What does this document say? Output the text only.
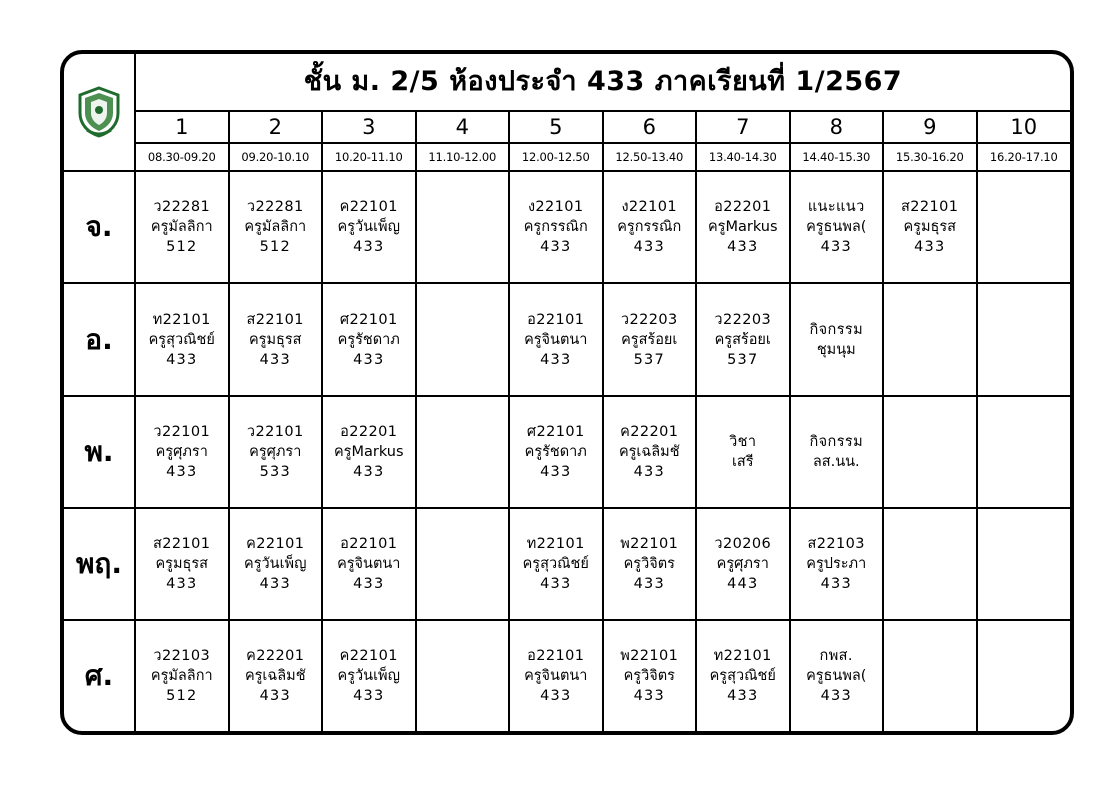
	ชั้น ม. 2/5 ห้องประจำ 433 ภาคเรียนที่ 1/2567									
	1	2	3	4	5	6	7	8	9	10
	08.30-09.20	09.20-10.10	10.20-11.10	11.10-12.00	12.00-12.50	12.50-13.40	13.40-14.30	14.40-15.30	15.30-16.20	16.20-17.10
จ.	ว22281
ครูมัลลิกา
512	ว22281
ครูมัลลิกา
512	ค22101
ครูวันเพ็ญ
433		ง22101
ครูกรรณิก
433	ง22101
ครูกรรณิก
433	อ22201
ครูMarkus
433	แนะแนว
ครูธนพล(
433	ส22101
ครูมธุรส
433	

อ.	ท22101
ครูสุวณิชย์
433	ส22101
ครูมธุรส
433	ศ22101
ครูรัชดาภ
433		อ22101
ครูจินตนา
433	ว22203
ครูสร้อยเ
537	ว22203
ครูสร้อยเ
537	กิจกรรม
ชุมนุม		

พ.	ว22101
ครูศุภรา
433	ว22101
ครูศุภรา
533	อ22201
ครูMarkus
433		ศ22101
ครูรัชดาภ
433	ค22201
ครูเฉลิมชั
433	วิชา
เสรี	กิจกรรม
ลส.นน.		

พฤ.	ส22101
ครูมธุรส
433	ค22101
ครูวันเพ็ญ
433	อ22101
ครูจินตนา
433		ท22101
ครูสุวณิชย์
433	พ22101
ครูวิจิตร
433	ว20206
ครูศุภรา
443	ส22103
ครูประภา
433		

ศ.	ว22103
ครูมัลลิกา
512	ค22201
ครูเฉลิมชั
433	ค22101
ครูวันเพ็ญ
433		อ22101
ครูจินตนา
433	พ22101
ครูวิจิตร
433	ท22101
ครูสุวณิชย์
433	กพส.
ครูธนพล(
433		
